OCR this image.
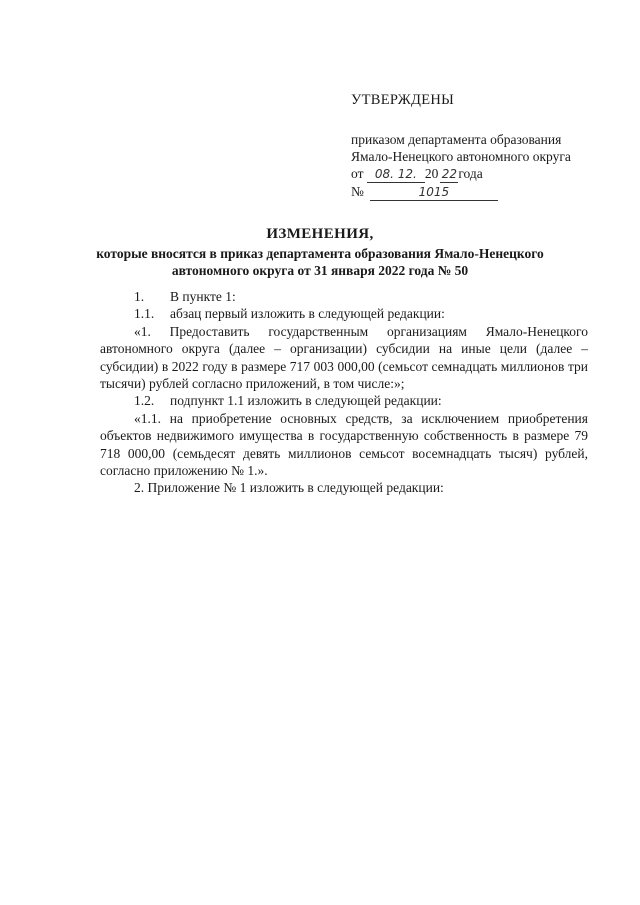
УТВЕРЖДЕНЫ
приказом департамента образования
Ямало-Ненецкого автономного округа
от 08. 12. 20 22года
№	1015
ИЗМЕНЕНИЯ,
которые вносятся в приказ департамента образования Ямало-Ненецкого
автономного округа от 31 января 2022 года № 50
1. В пункте 1:
1.1. абзац первый изложить в следующей редакции:
«1. Предоставить государственным организациям Ямало-Ненецкого автономного округа (далее – организации) субсидии на иные цели (далее – субсидии) в 2022 году в размере 717 003 000,00 (семьсот семнадцать миллионов три тысячи) рублей согласно приложений, в том числе:»;
1.2. подпункт 1.1 изложить в следующей редакции:
«1.1. на приобретение основных средств, за исключением приобретения объектов недвижимого имущества в государственную собственность в размере 79 718 000,00 (семьдесят девять миллионов семьсот восемнадцать тысяч) рублей, согласно приложению № 1.».
2. Приложение № 1 изложить в следующей редакции:
